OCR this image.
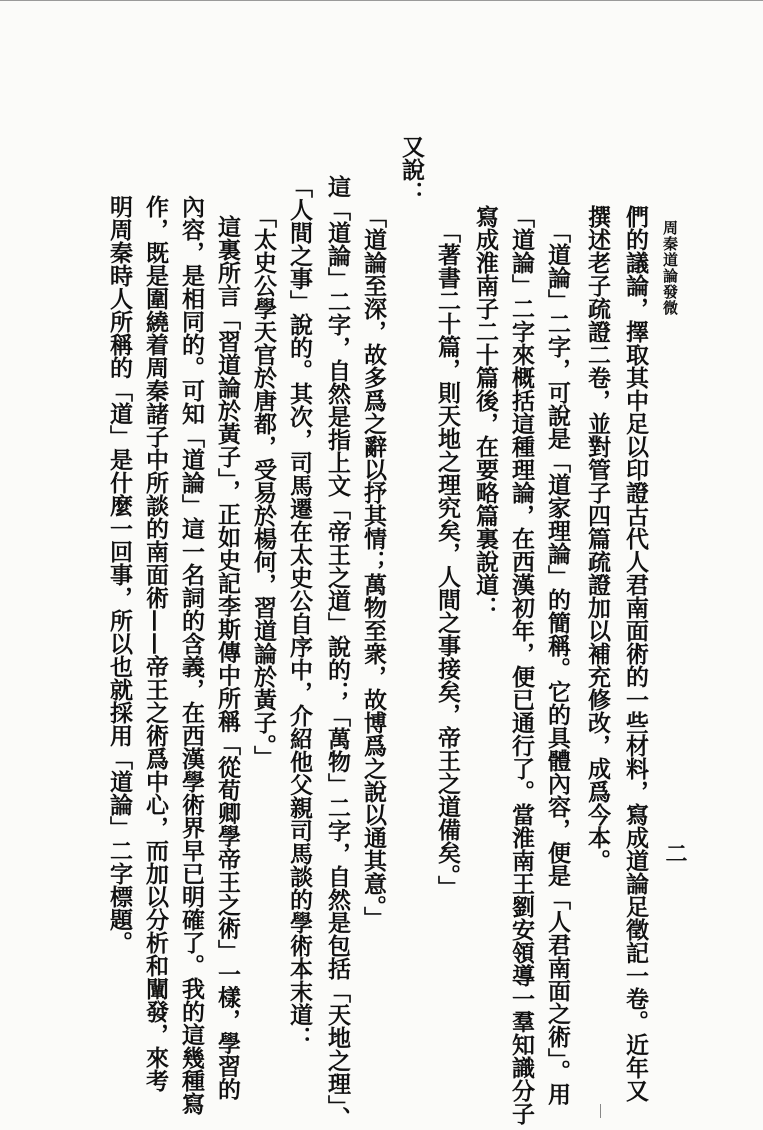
周秦道論發微
二
們的議論，擇取其中足以印證古代人君南面術的一些材料，寫成道論足徵記一卷。近年又
撰述老子疏證二卷，並對管子四篇疏證加以補充修改，成爲今本。
「道論」二字，可說是「道家理論」的簡稱。它的具體內容，便是「人君南面之術」。用
「道論」二字來概括這種理論，在西漢初年，便已通行了。當淮南王劉安領導一羣知識分子
寫成淮南子二十篇後，在要略篇裏說道：
「著書二十篇，則天地之理究矣，人間之事接矣，帝王之道備矣。」
又說：
「道論至深，故多爲之辭以抒其情；萬物至衆，故博爲之說以通其意。」
這「道論」二字，自然是指上文「帝王之道」說的；「萬物」二字，自然是包括「天地之理」、
「人間之事」說的。其次，司馬遷在太史公自序中，介紹他父親司馬談的學術本末道：
「太史公學天官於唐都，受易於楊何，習道論於黃子。」
這裏所言「習道論於黃子」，正如史記李斯傳中所稱「從荀卿學帝王之術」一樣，學習的
內容，是相同的。可知「道論」這一名詞的含義，在西漢學術界早已明確了。我的這幾種寫
作，既是圍繞着周秦諸子中所談的南面術——帝王之術爲中心，而加以分析和闡發，來考
明周秦時人所稱的「道」是什麼一回事，所以也就採用「道論」二字標題。
